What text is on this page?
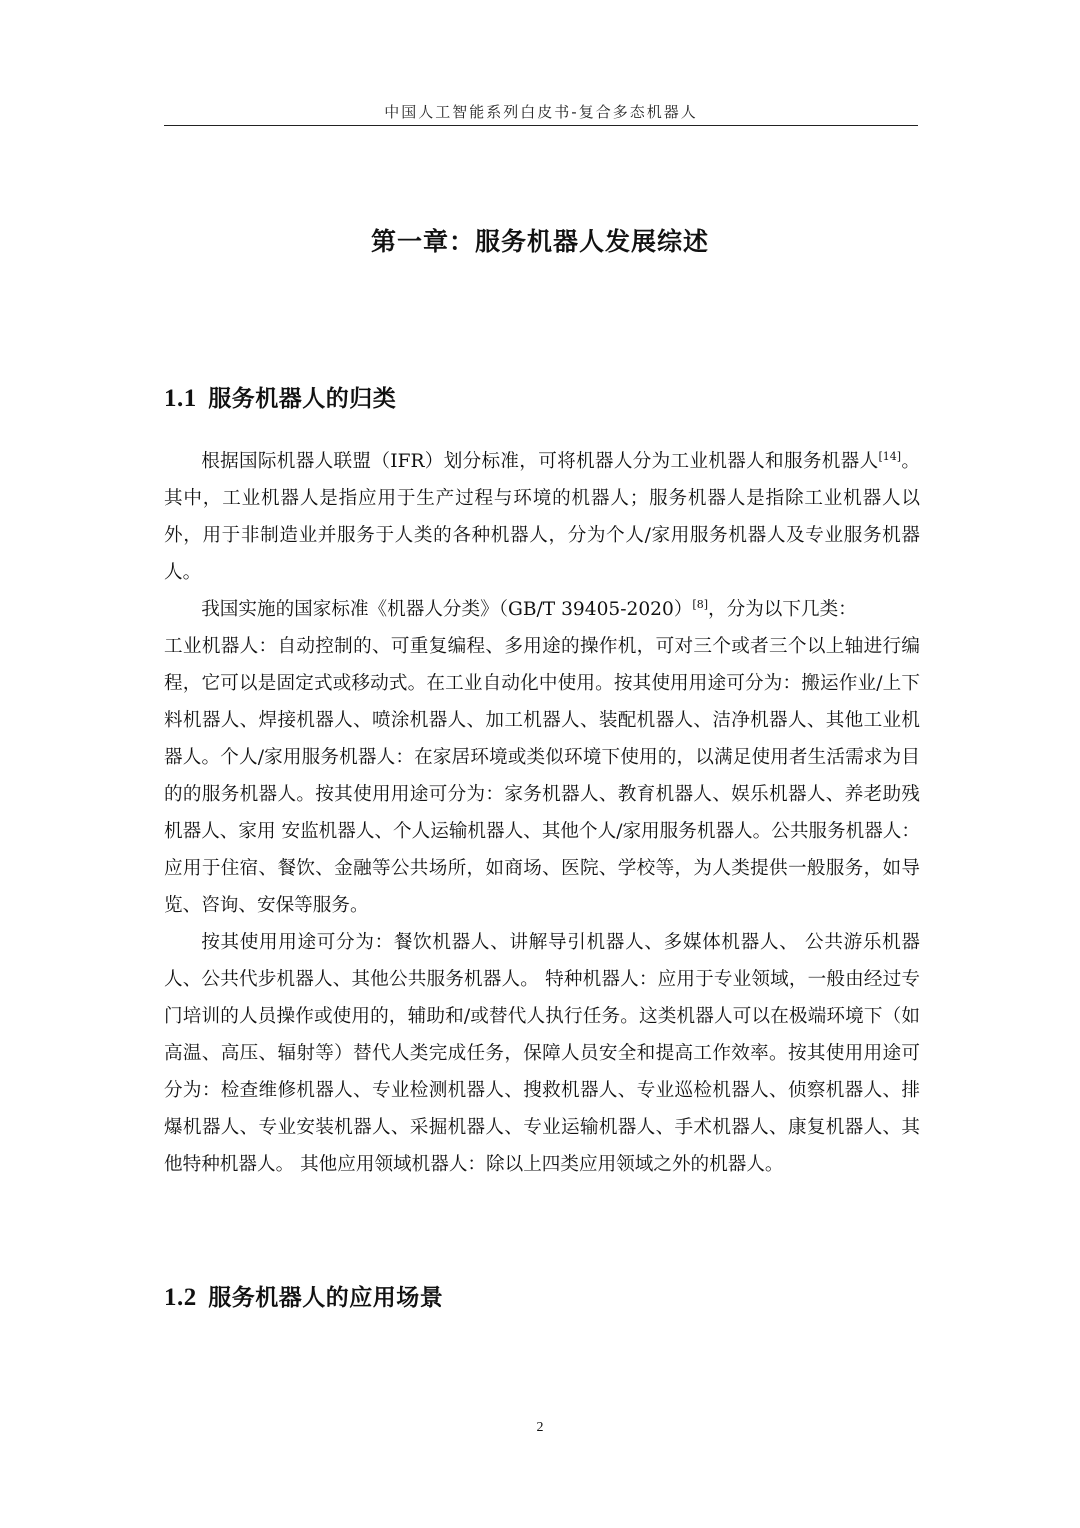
中国人工智能系列白皮书-复合多态机器人
第一章：服务机器人发展综述
1.1 服务机器人的归类

根据国际机器人联盟（IFR）划分标准，可将机器人分为工业机器人和服务机器人[14]。其中，工业机器人是指应用于生产过程与环境的机器人；服务机器人是指除工业机器人以外，用于非制造业并服务于人类的各种机器人，分为个人/家用服务机器人及专业服务机器人。

我国实施的国家标准《机器人分类》（GB/T 39405-2020）[8]，分为以下几类：

工业机器人：自动控制的、可重复编程、多用途的操作机，可对三个或者三个以上轴进行编程，它可以是固定式或移动式。在工业自动化中使用。按其使用用途可分为：搬运作业/上下料机器人、焊接机器人、喷涂机器人、加工机器人、装配机器人、洁净机器人、其他工业机器人。个人/家用服务机器人：在家居环境或类似环境下使用的，以满足使用者生活需求为目的的服务机器人。按其使用用途可分为：家务机器人、教育机器人、娱乐机器人、养老助残机器人、家用 安监机器人、个人运输机器人、其他个人/家用服务机器人。公共服务机器人：应用于住宿、餐饮、金融等公共场所，如商场、医院、学校等，为人类提供一般服务，如导览、咨询、安保等服务。

按其使用用途可分为：餐饮机器人、讲解导引机器人、多媒体机器人、 公共游乐机器人、公共代步机器人、其他公共服务机器人。 特种机器人：应用于专业领域，一般由经过专门培训的人员操作或使用的，辅助和/或替代人执行任务。这类机器人可以在极端环境下（如高温、高压、辐射等）替代人类完成任务，保障人员安全和提高工作效率。按其使用用途可分为：检查维修机器人、专业检测机器人、搜救机器人、专业巡检机器人、侦察机器人、排爆机器人、专业安装机器人、采掘机器人、专业运输机器人、手术机器人、康复机器人、其他特种机器人。 其他应用领域机器人：除以上四类应用领域之外的机器人。

1.2 服务机器人的应用场景
2
